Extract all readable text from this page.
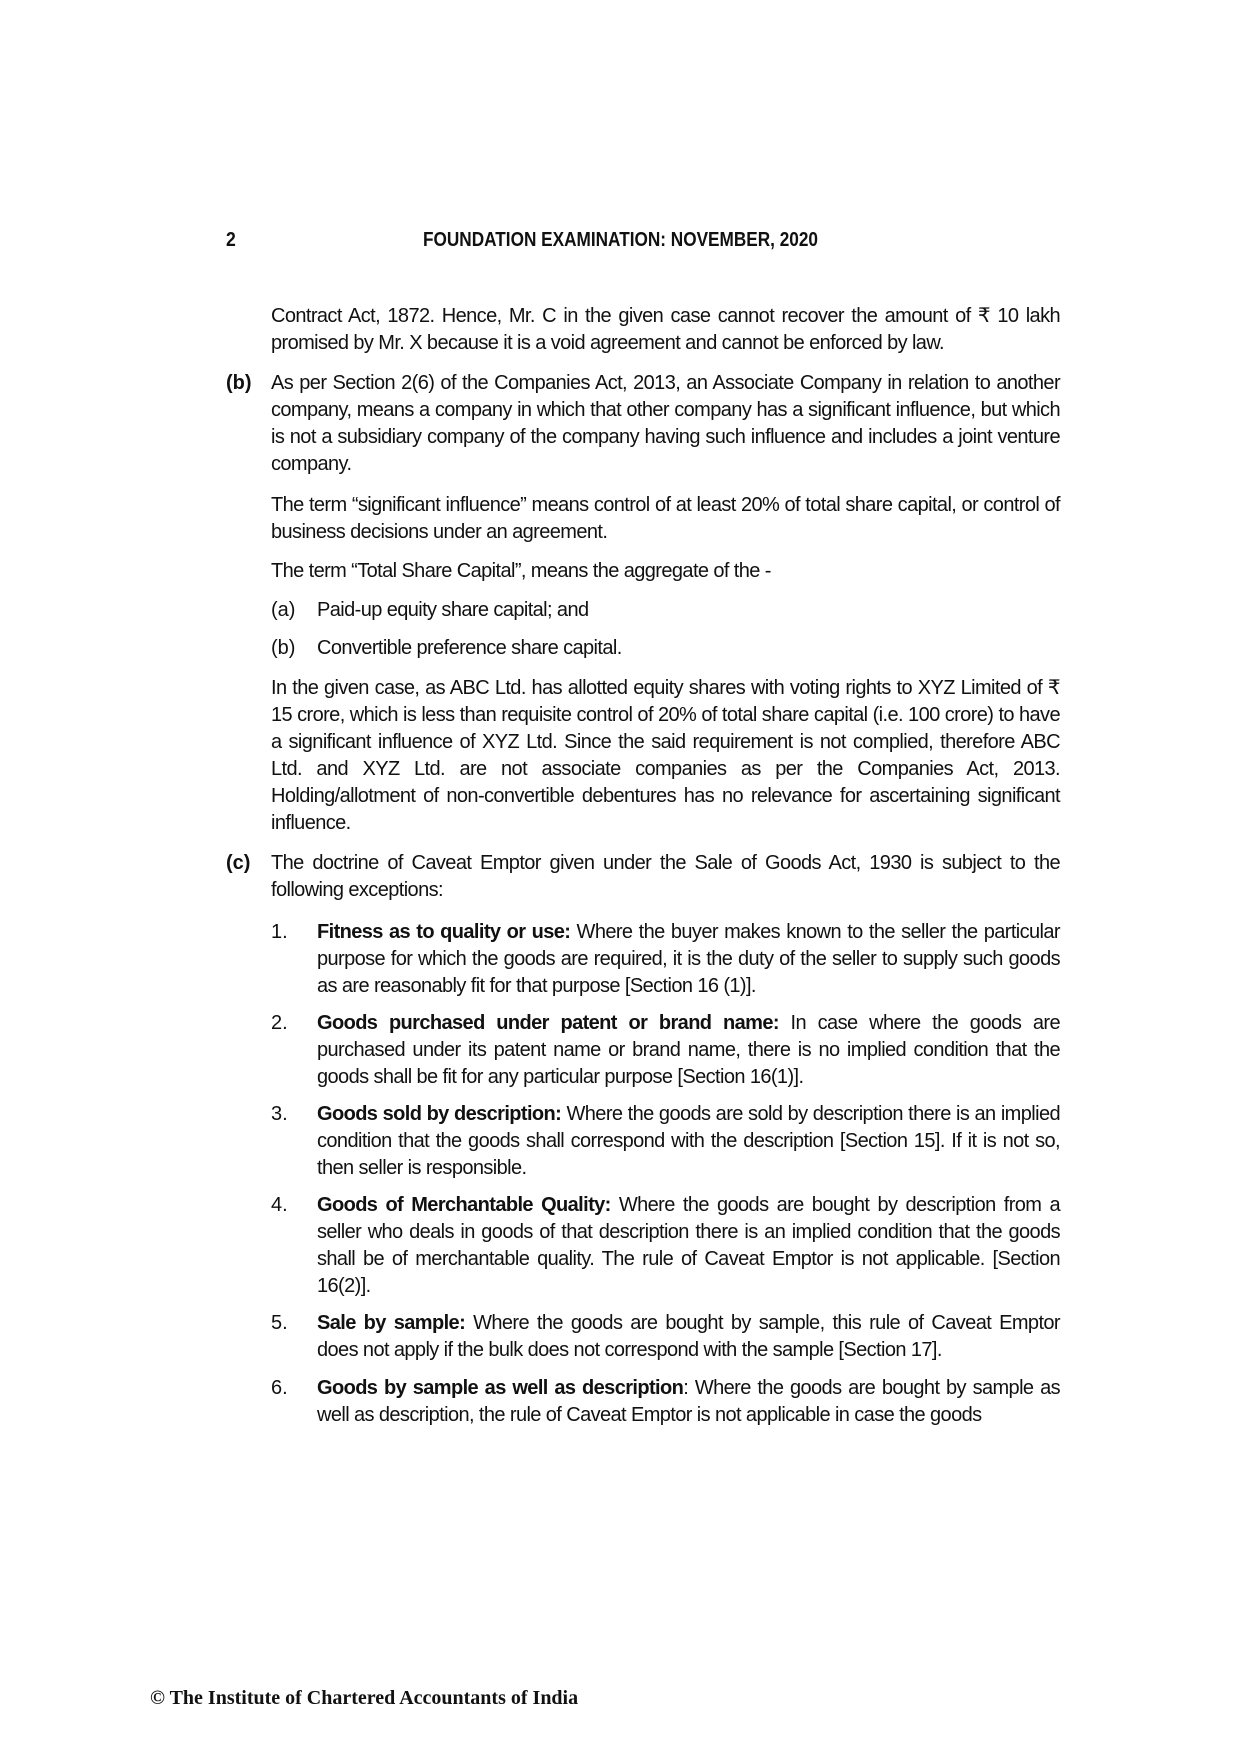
2	FOUNDATION EXAMINATION: NOVEMBER, 2020

Contract Act, 1872. Hence, Mr. C in the given case cannot recover the amount of ₹ 10 lakh promised by Mr. X because it is a void agreement and cannot be enforced by law.

(b) As per Section 2(6) of the Companies Act, 2013, an Associate Company in relation to another company, means a company in which that other company has a significant influence, but which is not a subsidiary company of the company having such influence and includes a joint venture company.

The term “significant influence” means control of at least 20% of total share capital, or control of business decisions under an agreement.

The term “Total Share Capital”, means the aggregate of the -

(a) Paid-up equity share capital; and
(b) Convertible preference share capital.

In the given case, as ABC Ltd. has allotted equity shares with voting rights to XYZ Limited of ₹ 15 crore, which is less than requisite control of 20% of total share capital (i.e. 100 crore) to have a significant influence of XYZ Ltd. Since the said requirement is not complied, therefore ABC Ltd. and XYZ Ltd. are not associate companies as per the Companies Act, 2013. Holding/allotment of non-convertible debentures has no relevance for ascertaining significant influence.

(c) The doctrine of Caveat Emptor given under the Sale of Goods Act, 1930 is subject to the following exceptions:

1. Fitness as to quality or use: Where the buyer makes known to the seller the particular purpose for which the goods are required, it is the duty of the seller to supply such goods as are reasonably fit for that purpose [Section 16 (1)].
2. Goods purchased under patent or brand name: In case where the goods are purchased under its patent name or brand name, there is no implied condition that the goods shall be fit for any particular purpose [Section 16(1)].
3. Goods sold by description: Where the goods are sold by description there is an implied condition that the goods shall correspond with the description [Section 15]. If it is not so, then seller is responsible.
4. Goods of Merchantable Quality: Where the goods are bought by description from a seller who deals in goods of that description there is an implied condition that the goods shall be of merchantable quality. The rule of Caveat Emptor is not applicable. [Section 16(2)].
5. Sale by sample: Where the goods are bought by sample, this rule of Caveat Emptor does not apply if the bulk does not correspond with the sample [Section 17].
6. Goods by sample as well as description: Where the goods are bought by sample as well as description, the rule of Caveat Emptor is not applicable in case the goods
© The Institute of Chartered Accountants of India
